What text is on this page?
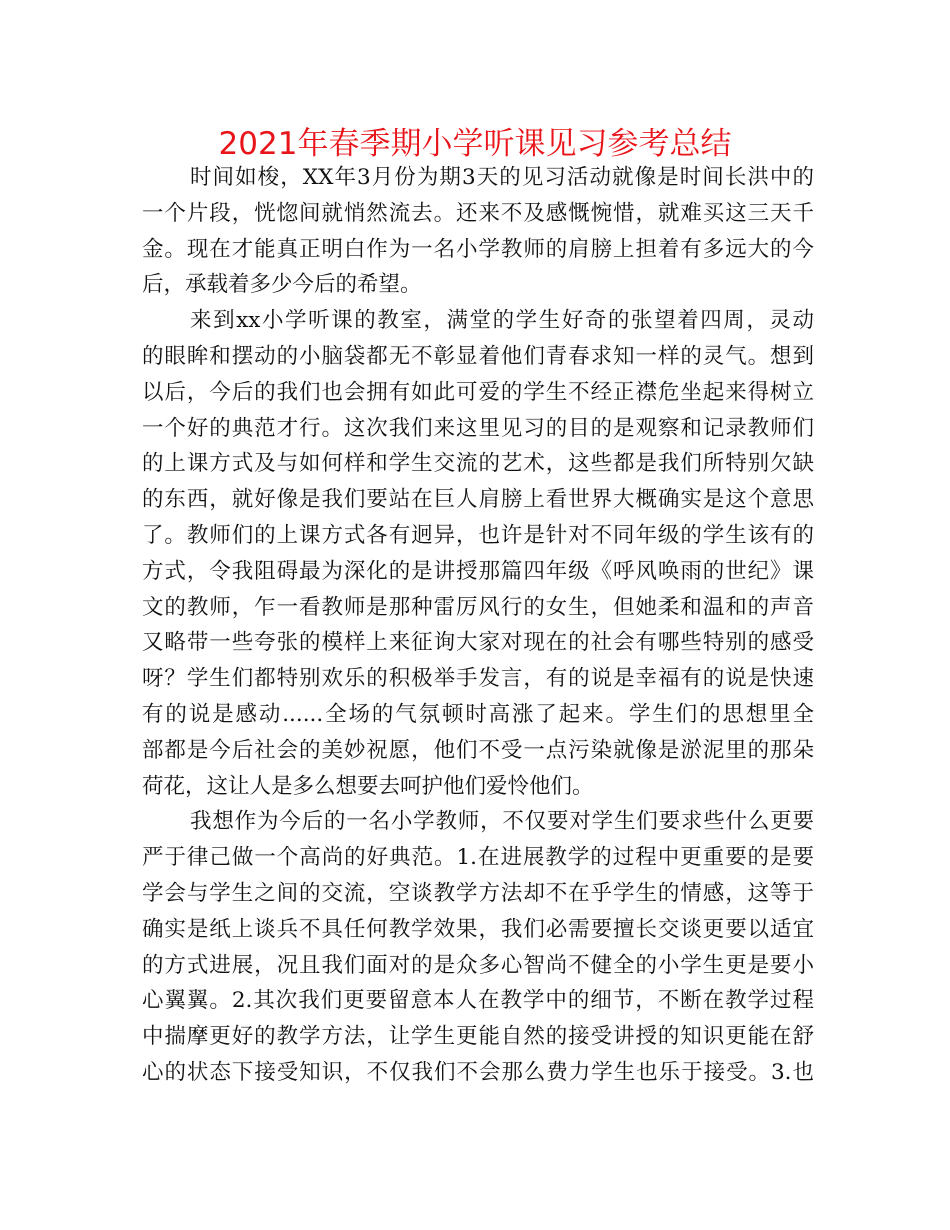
2021年春季期小学听课见习参考总结
时间如梭，XX年3月份为期3天的见习活动就像是时间长洪中的
一个片段，恍惚间就悄然流去。还来不及感慨惋惜，就难买这三天千
金。现在才能真正明白作为一名小学教师的肩膀上担着有多远大的今
后，承载着多少今后的希望。
来到xx小学听课的教室，满堂的学生好奇的张望着四周，灵动
的眼眸和摆动的小脑袋都无不彰显着他们青春求知一样的灵气。想到
以后，今后的我们也会拥有如此可爱的学生不经正襟危坐起来得树立
一个好的典范才行。这次我们来这里见习的目的是观察和记录教师们
的上课方式及与如何样和学生交流的艺术，这些都是我们所特别欠缺
的东西，就好像是我们要站在巨人肩膀上看世界大概确实是这个意思
了。教师们的上课方式各有迥异，也许是针对不同年级的学生该有的
方式，令我阻碍最为深化的是讲授那篇四年级《呼风唤雨的世纪》课
文的教师，乍一看教师是那种雷厉风行的女生，但她柔和温和的声音
又略带一些夸张的模样上来征询大家对现在的社会有哪些特别的感受
呀？学生们都特别欢乐的积极举手发言，有的说是幸福有的说是快速
有的说是感动......全场的气氛顿时高涨了起来。学生们的思想里全
部都是今后社会的美妙祝愿，他们不受一点污染就像是淤泥里的那朵
荷花，这让人是多么想要去呵护他们爱怜他们。
我想作为今后的一名小学教师，不仅要对学生们要求些什么更要
严于律己做一个高尚的好典范。1.在进展教学的过程中更重要的是要
学会与学生之间的交流，空谈教学方法却不在乎学生的情感，这等于
确实是纸上谈兵不具任何教学效果，我们必需要擅长交谈更要以适宜
的方式进展，况且我们面对的是众多心智尚不健全的小学生更是要小
心翼翼。2.其次我们更要留意本人在教学中的细节，不断在教学过程
中揣摩更好的教学方法，让学生更能自然的接受讲授的知识更能在舒
心的状态下接受知识，不仅我们不会那么费力学生也乐于接受。3.也
